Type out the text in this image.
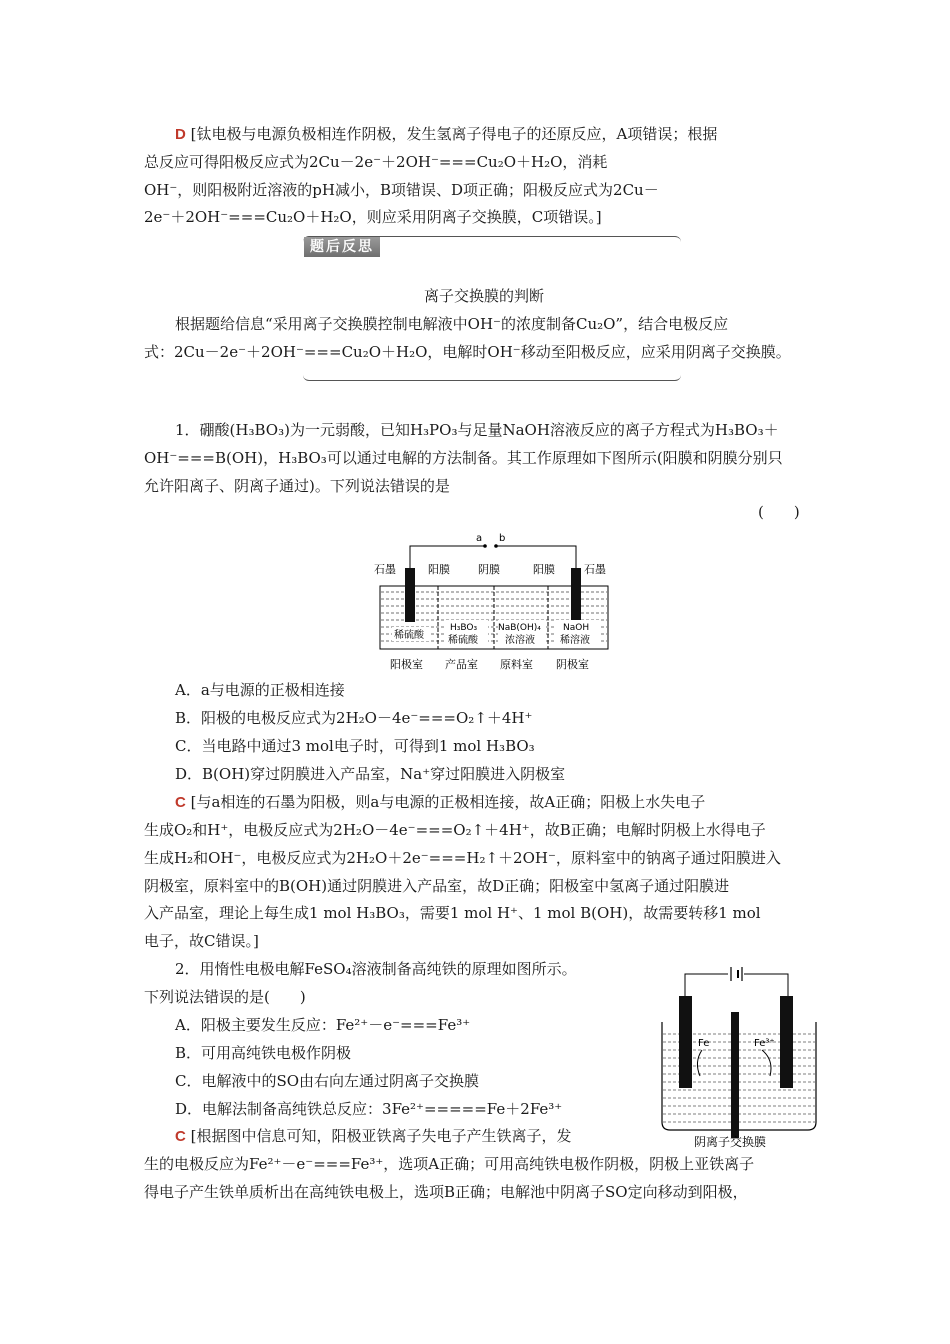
D [钛电极与电源负极相连作阴极，发生氢离子得电子的还原反应，A项错误；根据
总反应可得阳极反应式为2Cu－2e⁻＋2OH⁻===Cu₂O＋H₂O，消耗
OH⁻，则阳极附近溶液的pH减小，B项错误、D项正确；阳极反应式为2Cu－
2e⁻＋2OH⁻===Cu₂O＋H₂O，则应采用阴离子交换膜，C项错误。]
题后反思
离子交换膜的判断
根据题给信息“采用离子交换膜控制电解液中OH⁻的浓度制备Cu₂O”，结合电极反应
式：2Cu－2e⁻＋2OH⁻===Cu₂O＋H₂O，电解时OH⁻移动至阳极反应，应采用阴离子交换膜。
1．硼酸(H₃BO₃)为一元弱酸，已知H₃PO₃与足量NaOH溶液反应的离子方程式为H₃BO₃＋
OH⁻===B(OH)，H₃BO₃可以通过电解的方法制备。其工作原理如下图所示(阳膜和阴膜分别只
允许阳离子、阴离子通过)。下列说法错误的是
(　　)
a b
石墨	阳膜	阴膜	阳膜	石墨
稀硫酸
H₃BO₃
稀硫酸
NaB(OH)₄
浓溶液
NaOH
稀溶液
阳极室 产品室 原料室 阴极室
A．a与电源的正极相连接
B．阳极的电极反应式为2H₂O－4e⁻===O₂↑＋4H⁺
C．当电路中通过3 mol电子时，可得到1 mol H₃BO₃
D．B(OH)穿过阴膜进入产品室，Na⁺穿过阳膜进入阴极室
C [与a相连的石墨为阳极，则a与电源的正极相连接，故A正确；阳极上水失电子
生成O₂和H⁺，电极反应式为2H₂O－4e⁻===O₂↑＋4H⁺，故B正确；电解时阴极上水得电子
生成H₂和OH⁻，电极反应式为2H₂O＋2e⁻===H₂↑＋2OH⁻，原料室中的钠离子通过阳膜进入
阴极室，原料室中的B(OH)通过阴膜进入产品室，故D正确；阳极室中氢离子通过阳膜进
入产品室，理论上每生成1 mol H₃BO₃，需要1 mol H⁺、1 mol B(OH)，故需要转移1 mol
电子，故C错误。]
2．用惰性电极电解FeSO₄溶液制备高纯铁的原理如图所示。
下列说法错误的是(　　)
A．阳极主要发生反应：Fe²⁺－e⁻===Fe³⁺
B．可用高纯铁电极作阴极
C．电解液中的SO由右向左通过阴离子交换膜
D．电解法制备高纯铁总反应：3Fe²⁺=====Fe＋2Fe³⁺
C [根据图中信息可知，阳极亚铁离子失电子产生铁离子，发
生的电极反应为Fe²⁺－e⁻===Fe³⁺，选项A正确；可用高纯铁电极作阴极，阴极上亚铁离子
得电子产生铁单质析出在高纯铁电极上，选项B正确；电解池中阴离子SO定向移动到阳极，
Fe	Fe³⁺
阴离子交换膜
